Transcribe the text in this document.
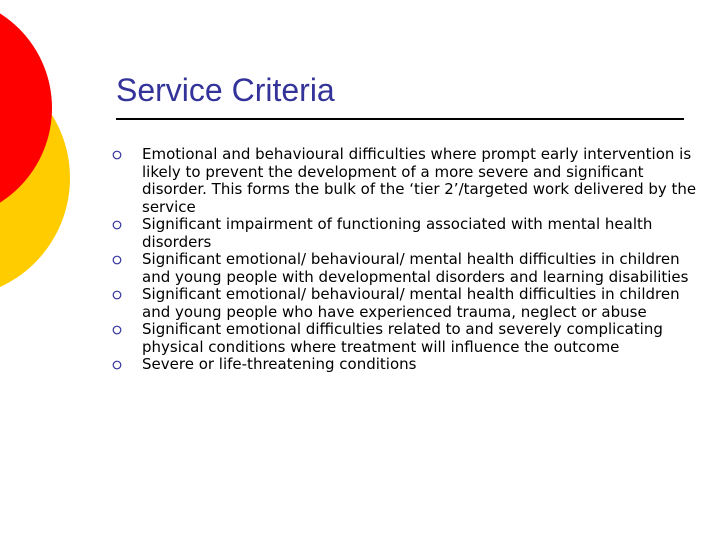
Service Criteria
Emotional and behavioural difficulties where prompt early intervention is likely to prevent the development of a more severe and significant disorder. This forms the bulk of the ‘tier 2’/targeted work delivered by the service
Significant impairment of functioning associated with mental health disorders
Significant emotional/ behavioural/ mental health difficulties in children and young people with developmental disorders and learning disabilities
Significant emotional/ behavioural/ mental health difficulties in children and young people who have experienced trauma, neglect or abuse
Significant emotional difficulties related to and severely complicating physical conditions where treatment will influence the outcome
Severe or life-threatening conditions
